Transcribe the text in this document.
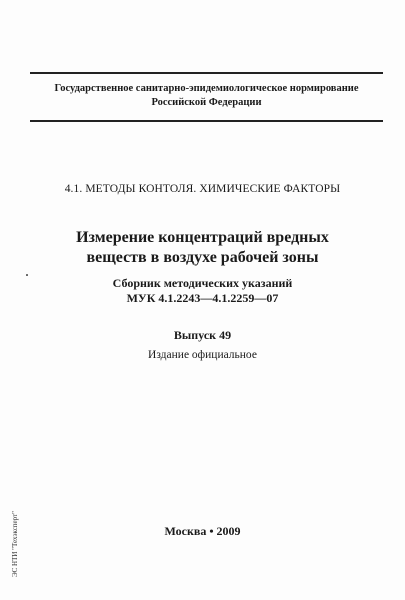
Государственное санитарно-эпидемиологическое нормирование
Российской Федерации
4.1. МЕТОДЫ КОНТОЛЯ. ХИМИЧЕСКИЕ ФАКТОРЫ
Измерение концентраций вредных
веществ в воздухе рабочей зоны
Сборник методических указаний
МУК 4.1.2243—4.1.2259—07
Выпуск 49
Издание официальное
Москва • 2009
ЭС НТИ "Техэксперт"
